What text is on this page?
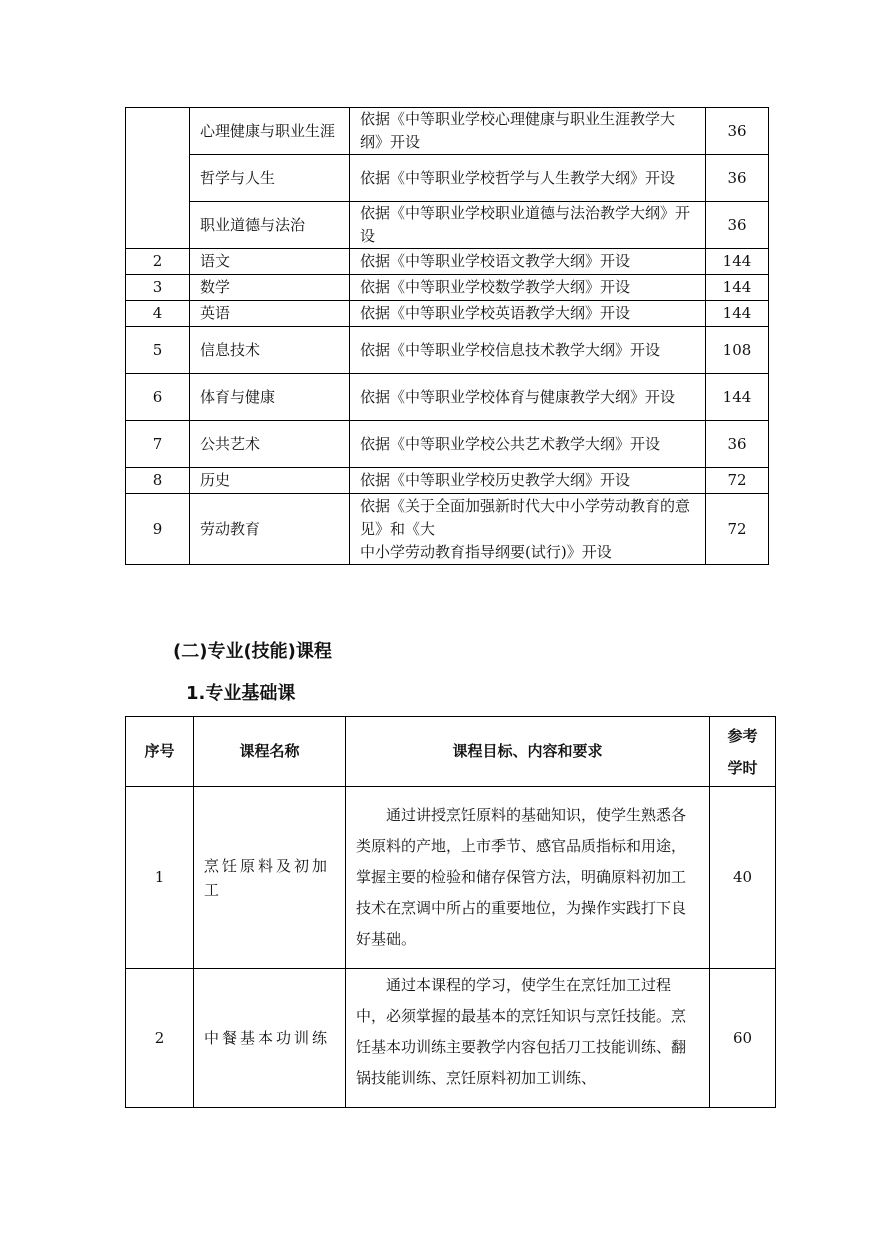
	心理健康与职业生涯	依据《中等职业学校心理健康与职业生涯教学大纲》开设	36
	哲学与人生	依据《中等职业学校哲学与人生教学大纲》开设	36
	职业道德与法治	依据《中等职业学校职业道德与法治教学大纲》开设	36
2	语文	依据《中等职业学校语文教学大纲》开设	144
3	数学	依据《中等职业学校数学教学大纲》开设	144
4	英语	依据《中等职业学校英语教学大纲》开设	144
5	信息技术	依据《中等职业学校信息技术教学大纲》开设	108
6	体育与健康	依据《中等职业学校体育与健康教学大纲》开设	144
7	公共艺术	依据《中等职业学校公共艺术教学大纲》开设	36
8	历史	依据《中等职业学校历史教学大纲》开设	72
9	劳动教育	依据《关于全面加强新时代大中小学劳动教育的意见》和《大
中小学劳动教育指导纲要(试行)》开设	72
(二)专业(技能)课程
1.专业基础课
序号	课程名称	课程目标、内容和要求	参考
学时
1	烹饪原料及初加工	通过讲授烹饪原料的基础知识，使学生熟悉各类原料的产地，上市季节、感官品质指标和用途，掌握主要的检验和储存保管方法，明确原料初加工技术在烹调中所占的重要地位，为操作实践打下良好基础。	40
2	中餐基本功训练	通过本课程的学习，使学生在烹饪加工过程中，必须掌握的最基本的烹饪知识与烹饪技能。烹饪基本功训练主要教学内容包括刀工技能训练、翻锅技能训练、烹饪原料初加工训练、	60
